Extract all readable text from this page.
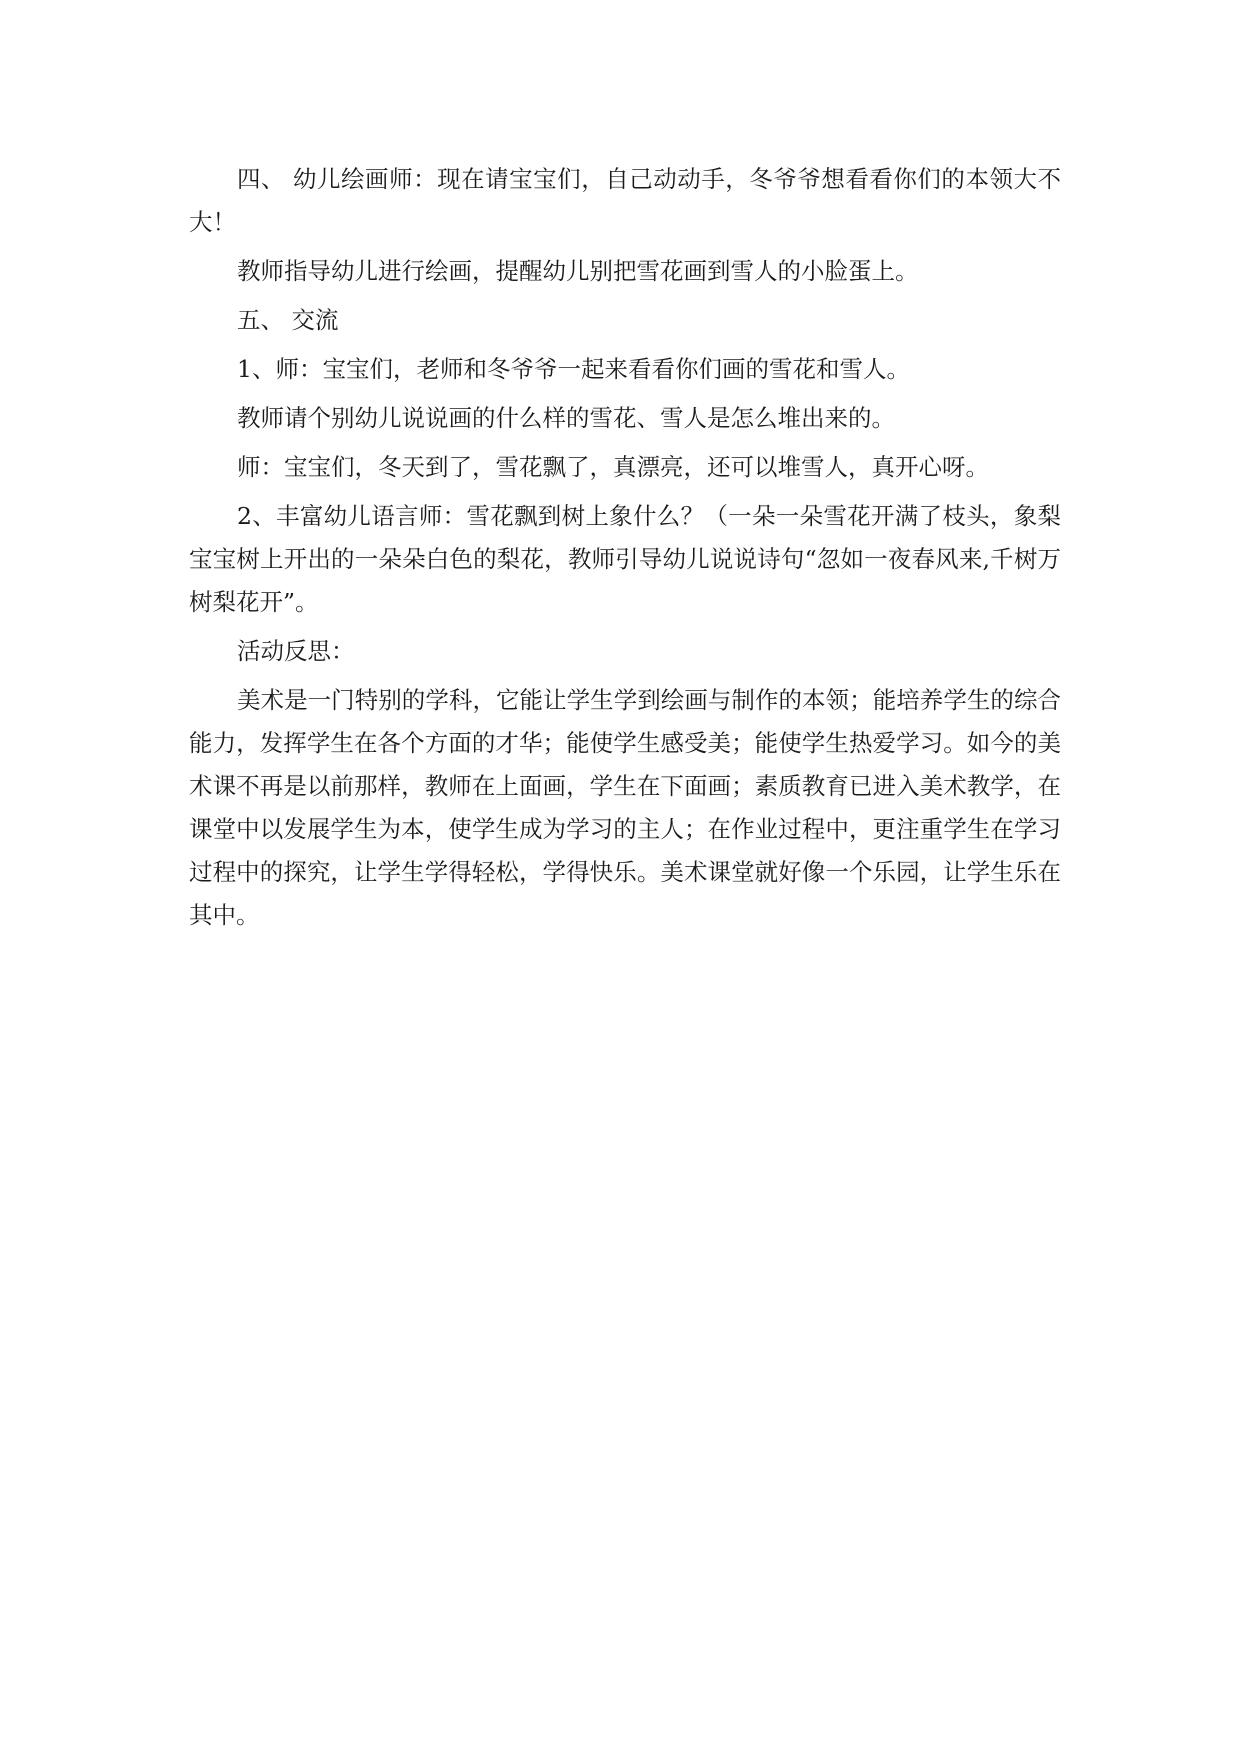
四、 幼儿绘画师：现在请宝宝们，自己动动手，冬爷爷想看看你们的本领大不大！

教师指导幼儿进行绘画，提醒幼儿别把雪花画到雪人的小脸蛋上。

五、 交流

1、师：宝宝们，老师和冬爷爷一起来看看你们画的雪花和雪人。

教师请个别幼儿说说画的什么样的雪花、雪人是怎么堆出来的。

师：宝宝们，冬天到了，雪花飘了，真漂亮，还可以堆雪人，真开心呀。

2、丰富幼儿语言师：雪花飘到树上象什么？（一朵一朵雪花开满了枝头，象梨宝宝树上开出的一朵朵白色的梨花，教师引导幼儿说说诗句“忽如一夜春风来,千树万树梨花开”。

活动反思：

美术是一门特别的学科，它能让学生学到绘画与制作的本领；能培养学生的综合能力，发挥学生在各个方面的才华；能使学生感受美；能使学生热爱学习。如今的美术课不再是以前那样，教师在上面画，学生在下面画；素质教育已进入美术教学，在课堂中以发展学生为本，使学生成为学习的主人；在作业过程中，更注重学生在学习过程中的探究，让学生学得轻松，学得快乐。美术课堂就好像一个乐园，让学生乐在其中。
